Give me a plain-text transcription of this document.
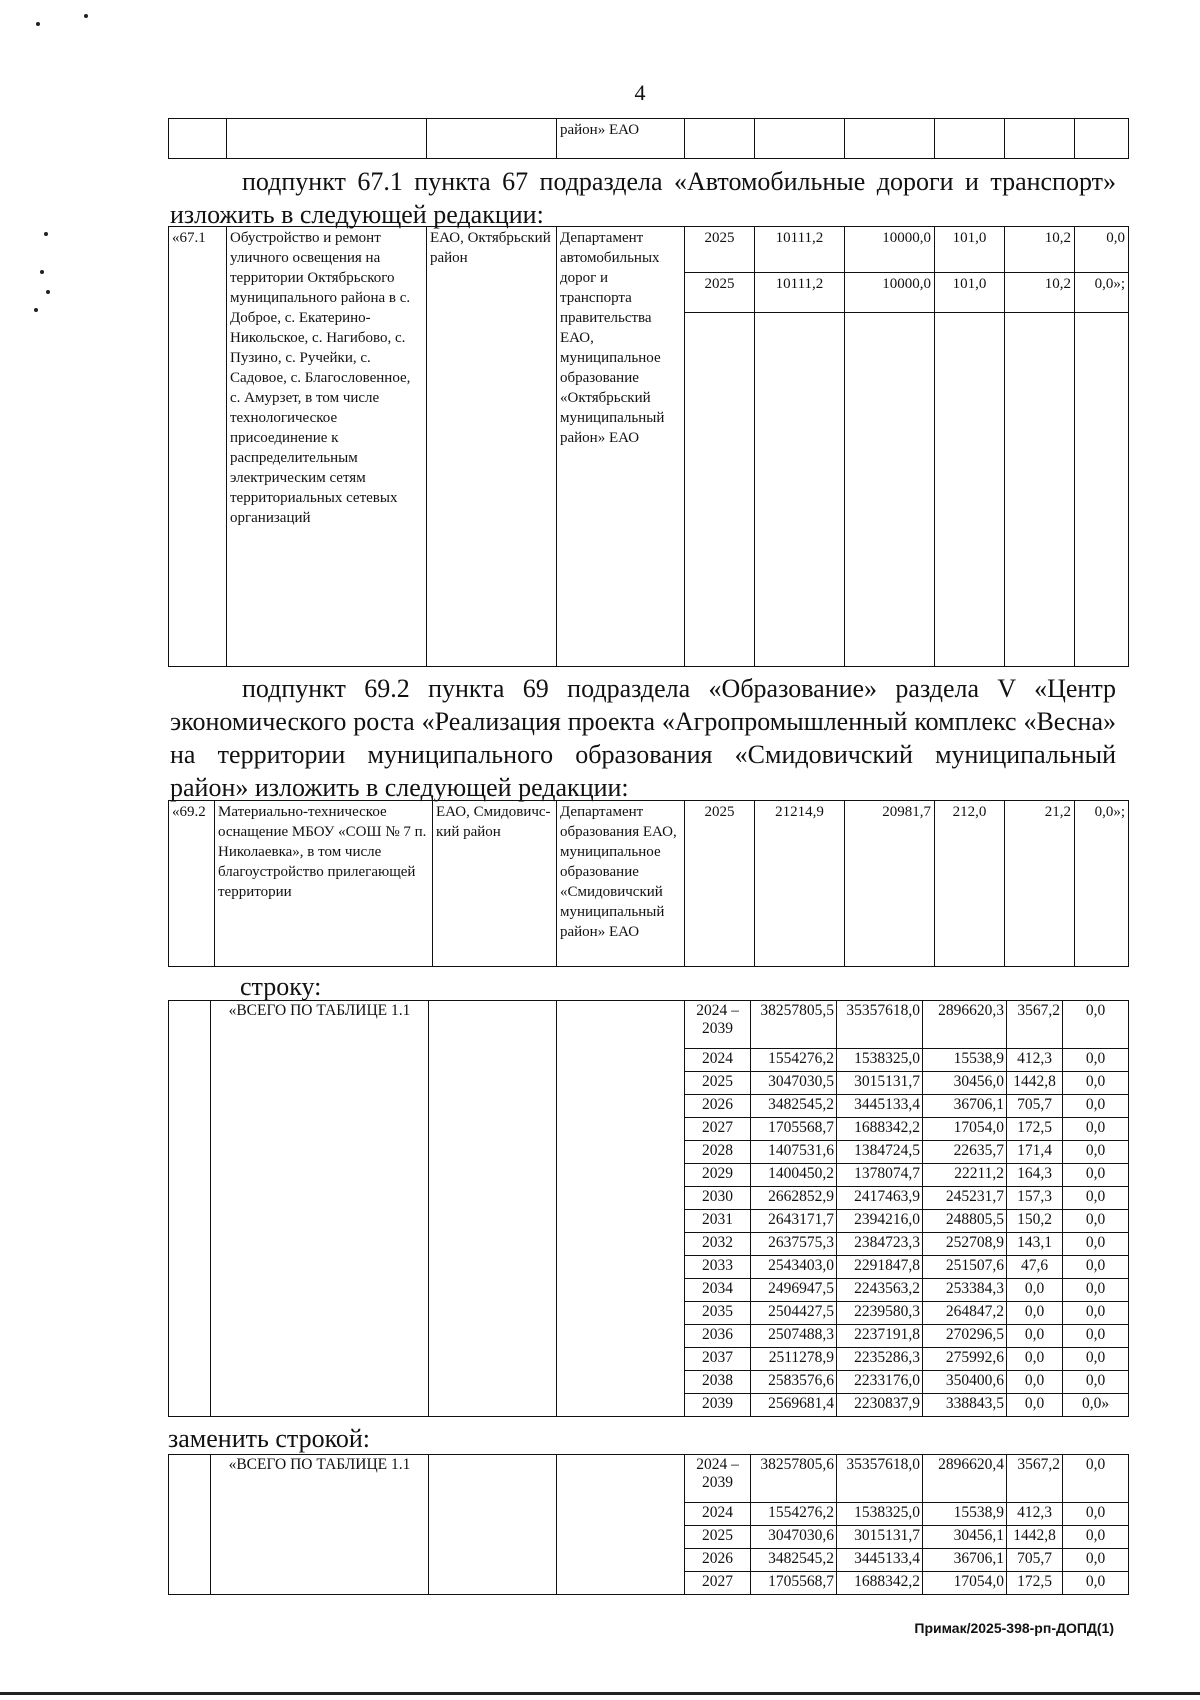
4
			район» ЕАО						
подпункт 67.1 пункта 67 подраздела «Автомобильные дороги и транспорт» изложить в следующей редакции:
«67.1	Обустройство и ремонт уличного освещения на территории Октябрьского муниципального района в с. Доброе, с. Екатерино-Никольское, с. Нагибово, с. Пузино, с. Ручейки, с. Садовое, с. Благословенное, с. Амурзет, в том числе технологическое присоединение к распределительным электрическим сетям территориальных сетевых организаций	ЕАО, Октябрьский район	Департамент автомобильных дорог и транспорта правительства ЕАО, муниципальное образование «Октябрьский муниципальный район» ЕАО	2025	10111,2	10000,0	101,0	10,2	0,0
				2025	10111,2	10000,0	101,0	10,2	0,0»;

подпункт 69.2 пункта 69 подраздела «Образование» раздела V «Центр экономического роста «Реализация проекта «Агропромышленный комплекс «Весна» на территории муниципального образования «Смидовичский муниципальный район» изложить в следующей редакции:
«69.2	Материально-техническое оснащение МБОУ «СОШ № 7 п. Николаевка», в том числе благоустройство прилегающей территории	ЕАО, Смидовичс-кий район	Департамент образования ЕАО, муниципальное образование «Смидовичский муниципальный район» ЕАО	2025	21214,9	20981,7	212,0	21,2	0,0»;
строку:
	«ВСЕГО ПО ТАБЛИЦЕ 1.1			2024 – 2039	38257805,5	35357618,0	2896620,3	3567,2	0,0
				2024	1554276,2	1538325,0	15538,9	412,3	0,0
				2025	3047030,5	3015131,7	30456,0	1442,8	0,0
				2026	3482545,2	3445133,4	36706,1	705,7	0,0
				2027	1705568,7	1688342,2	17054,0	172,5	0,0
				2028	1407531,6	1384724,5	22635,7	171,4	0,0
				2029	1400450,2	1378074,7	22211,2	164,3	0,0
				2030	2662852,9	2417463,9	245231,7	157,3	0,0
				2031	2643171,7	2394216,0	248805,5	150,2	0,0
				2032	2637575,3	2384723,3	252708,9	143,1	0,0
				2033	2543403,0	2291847,8	251507,6	47,6	0,0
				2034	2496947,5	2243563,2	253384,3	0,0	0,0
				2035	2504427,5	2239580,3	264847,2	0,0	0,0
				2036	2507488,3	2237191,8	270296,5	0,0	0,0
				2037	2511278,9	2235286,3	275992,6	0,0	0,0
				2038	2583576,6	2233176,0	350400,6	0,0	0,0
				2039	2569681,4	2230837,9	338843,5	0,0	0,0»
заменить строкой:
	«ВСЕГО ПО ТАБЛИЦЕ 1.1			2024 – 2039	38257805,6	35357618,0	2896620,4	3567,2	0,0
				2024	1554276,2	1538325,0	15538,9	412,3	0,0
				2025	3047030,6	3015131,7	30456,1	1442,8	0,0
				2026	3482545,2	3445133,4	36706,1	705,7	0,0
				2027	1705568,7	1688342,2	17054,0	172,5	0,0
Примак/2025-398-рп-ДОПД(1)
